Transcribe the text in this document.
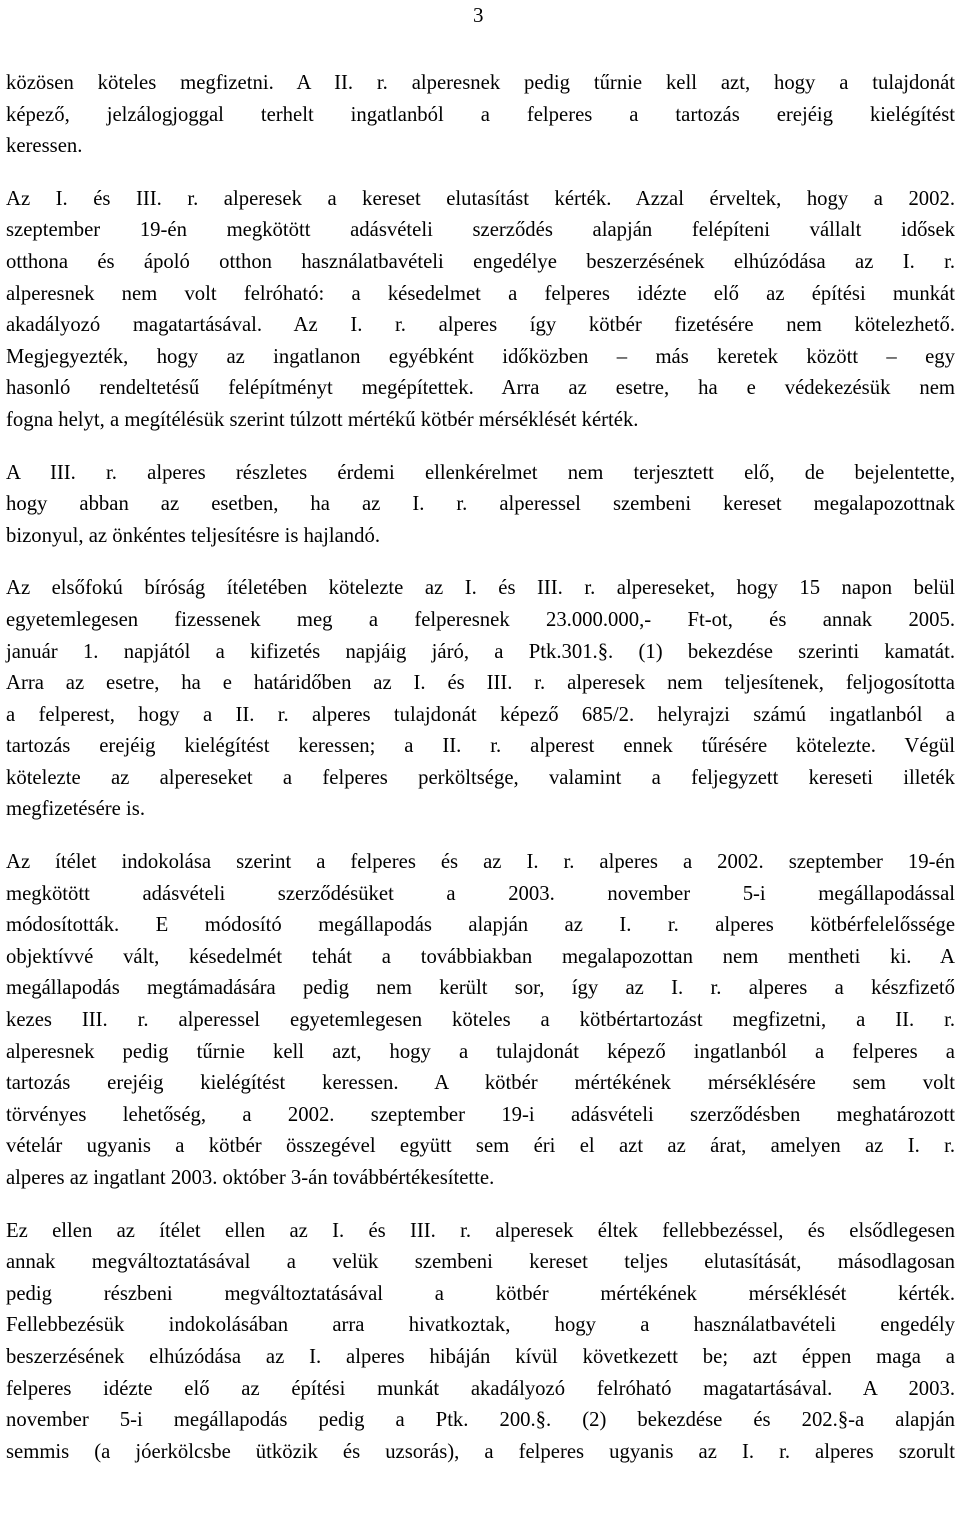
3
közösen köteles megfizetni. A II. r. alperesnek pedig tűrnie kell azt, hogy a tulajdonát
képező, jelzálogjoggal terhelt ingatlanból a felperes a tartozás erejéig kielégítést
keressen.
Az I. és III. r. alperesek a kereset elutasítást kérték. Azzal érveltek, hogy a 2002.
szeptember 19-én megkötött adásvételi szerződés alapján felépíteni vállalt idősek
otthona és ápoló otthon használatbavételi engedélye beszerzésének elhúzódása az I. r.
alperesnek nem volt felróható: a késedelmet a felperes idézte elő az építési munkát
akadályozó magatartásával. Az I. r. alperes így kötbér fizetésére nem kötelezhető.
Megjegyezték, hogy az ingatlanon egyébként időközben – más keretek között – egy
hasonló rendeltetésű felépítményt megépítettek. Arra az esetre, ha e védekezésük nem
fogna helyt, a megítélésük szerint túlzott mértékű kötbér mérséklését kérték.
A III. r. alperes részletes érdemi ellenkérelmet nem terjesztett elő, de bejelentette,
hogy abban az esetben, ha az I. r. alperessel szembeni kereset megalapozottnak
bizonyul, az önkéntes teljesítésre is hajlandó.
Az elsőfokú bíróság ítéletében kötelezte az I. és III. r. alpereseket, hogy 15 napon belül
egyetemlegesen fizessenek meg a felperesnek 23.000.000,- Ft-ot, és annak 2005.
január 1. napjától a kifizetés napjáig járó, a Ptk.301.§. (1) bekezdése szerinti kamatát.
Arra az esetre, ha e határidőben az I. és III. r. alperesek nem teljesítenek, feljogosította
a felperest, hogy a II. r. alperes tulajdonát képező 685/2. helyrajzi számú ingatlanból a
tartozás erejéig kielégítést keressen; a II. r. alperest ennek tűrésére kötelezte. Végül
kötelezte az alpereseket a felperes perköltsége, valamint a feljegyzett kereseti illeték
megfizetésére is.
Az ítélet indokolása szerint a felperes és az I. r. alperes a 2002. szeptember 19-én
megkötött adásvételi szerződésüket a 2003. november 5-i megállapodással
módosították. E módosító megállapodás alapján az I. r. alperes kötbérfelelőssége
objektívvé vált, késedelmét tehát a továbbiakban megalapozottan nem mentheti ki. A
megállapodás megtámadására pedig nem került sor, így az I. r. alperes a készfizető
kezes III. r. alperessel egyetemlegesen köteles a kötbértartozást megfizetni, a II. r.
alperesnek pedig tűrnie kell azt, hogy a tulajdonát képező ingatlanból a felperes a
tartozás erejéig kielégítést keressen. A kötbér mértékének mérséklésére sem volt
törvényes lehetőség, a 2002. szeptember 19-i adásvételi szerződésben meghatározott
vételár ugyanis a kötbér összegével együtt sem éri el azt az árat, amelyen az I. r.
alperes az ingatlant 2003. október 3-án továbbértékesítette.
Ez ellen az ítélet ellen az I. és III. r. alperesek éltek fellebbezéssel, és elsődlegesen
annak megváltoztatásával a velük szembeni kereset teljes elutasítását, másodlagosan
pedig részbeni megváltoztatásával a kötbér mértékének mérséklését kérték.
Fellebbezésük indokolásában arra hivatkoztak, hogy a használatbavételi engedély
beszerzésének elhúzódása az I. alperes hibáján kívül következett be; azt éppen maga a
felperes idézte elő az építési munkát akadályozó felróható magatartásával. A 2003.
november 5-i megállapodás pedig a Ptk. 200.§. (2) bekezdése és 202.§-a alapján
semmis (a jóerkölcsbe ütközik és uzsorás), a felperes ugyanis az I. r. alperes szorult
